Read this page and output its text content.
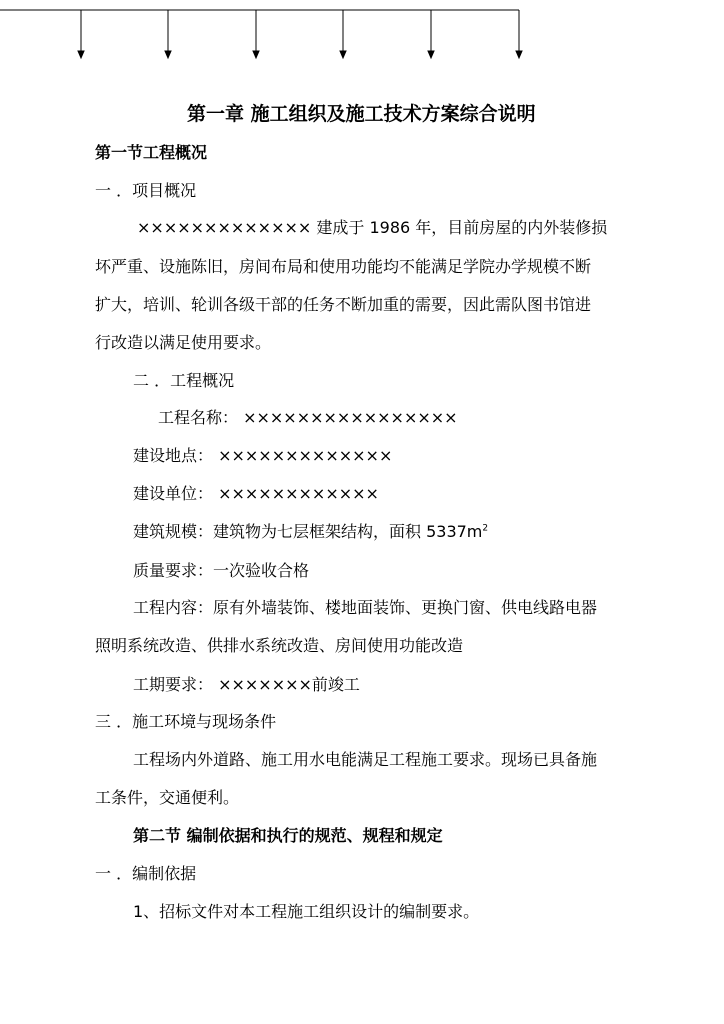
第一章 施工组织及施工技术方案综合说明
第一节工程概况
一 ．项目概况
××××××××××××× 建成于 1986 年，目前房屋的内外装修损
坏严重、设施陈旧，房间布局和使用功能均不能满足学院办学规模不断
扩大，培训、轮训各级干部的任务不断加重的需要，因此需队图书馆进
行改造以满足使用要求。
二 ．工程概况
工程名称： ××××××××××××××××
建设地点： ×××××××××××××
建设单位： ××××××××××××
建筑规模：建筑物为七层框架结构，面积 $5337m^2$
质量要求：一次验收合格
工程内容：原有外墙装饰、楼地面装饰、更换门窗、供电线路电器
照明系统改造、供排水系统改造、房间使用功能改造
工期要求： ×××××××前竣工
三 ．施工环境与现场条件
工程场内外道路、施工用水电能满足工程施工要求。现场已具备施
工条件，交通便利。
第二节 编制依据和执行的规范、规程和规定
一 ．编制依据
1、招标文件对本工程施工组织设计的编制要求。
